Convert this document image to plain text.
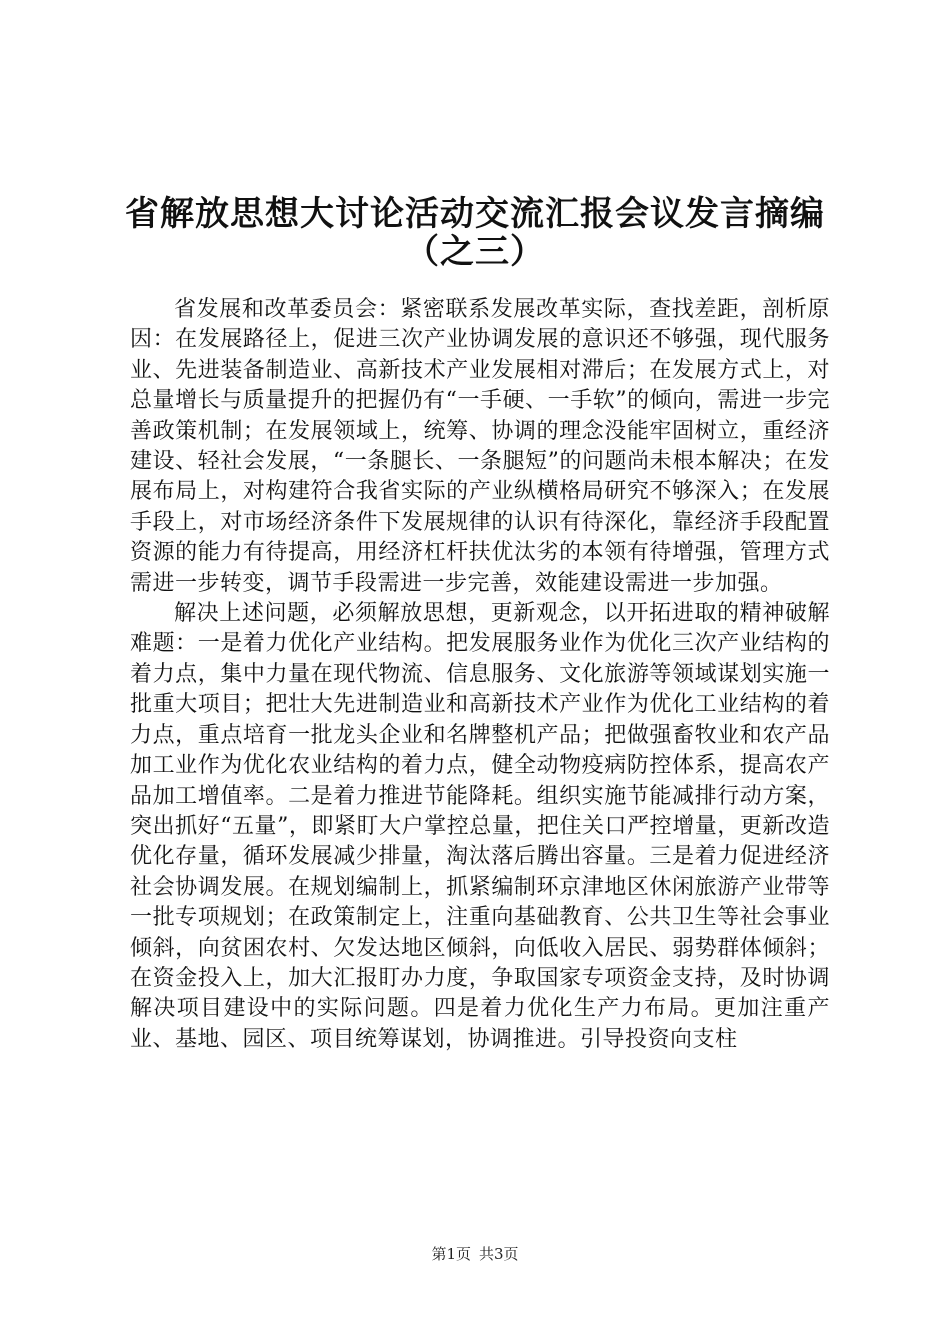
省解放思想大讨论活动交流汇报会议发言摘编
（之三）

省发展和改革委员会：紧密联系发展改革实际，查找差距，剖析原因：在发展路径上，促进三次产业协调发展的意识还不够强，现代服务业、先进装备制造业、高新技术产业发展相对滞后；在发展方式上，对总量增长与质量提升的把握仍有“一手硬、一手软”的倾向，需进一步完善政策机制；在发展领域上，统筹、协调的理念没能牢固树立，重经济建设、轻社会发展，“一条腿长、一条腿短”的问题尚未根本解决；在发展布局上，对构建符合我省实际的产业纵横格局研究不够深入；在发展手段上，对市场经济条件下发展规律的认识有待深化，靠经济手段配置资源的能力有待提高，用经济杠杆扶优汰劣的本领有待增强，管理方式需进一步转变，调节手段需进一步完善，效能建设需进一步加强。

解决上述问题，必须解放思想，更新观念，以开拓进取的精神破解难题：一是着力优化产业结构。把发展服务业作为优化三次产业结构的着力点，集中力量在现代物流、信息服务、文化旅游等领域谋划实施一批重大项目；把壮大先进制造业和高新技术产业作为优化工业结构的着力点，重点培育一批龙头企业和名牌整机产品；把做强畜牧业和农产品加工业作为优化农业结构的着力点，健全动物疫病防控体系，提高农产品加工增值率。二是着力推进节能降耗。组织实施节能减排行动方案，突出抓好“五量”，即紧盯大户掌控总量，把住关口严控增量，更新改造优化存量，循环发展减少排量，淘汰落后腾出容量。三是着力促进经济社会协调发展。在规划编制上，抓紧编制环京津地区休闲旅游产业带等一批专项规划；在政策制定上，注重向基础教育、公共卫生等社会事业倾斜，向贫困农村、欠发达地区倾斜，向低收入居民、弱势群体倾斜；在资金投入上，加大汇报盯办力度，争取国家专项资金支持，及时协调解决项目建设中的实际问题。四是着力优化生产力布局。更加注重产业、基地、园区、项目统筹谋划，协调推进。引导投资向支柱

第1页 共3页
